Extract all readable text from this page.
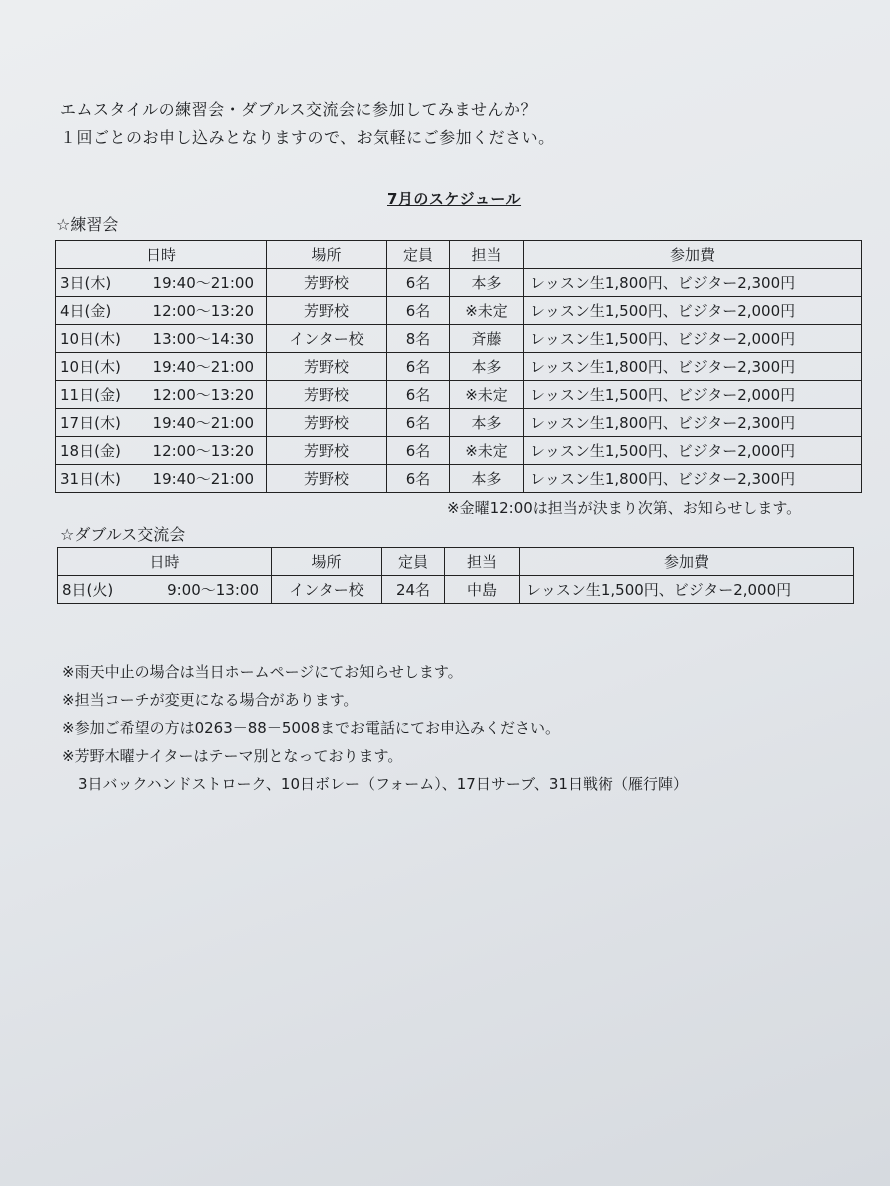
エムスタイルの練習会・ダブルス交流会に参加してみませんか？
１回ごとのお申し込みとなりますので、お気軽にご参加ください。
7月のスケジュール
☆練習会
日時	場所	定員	担当	参加費

3日(木) 19:40～21:00	芳野校	6名	本多	レッスン生1,800円、ビジター2,300円

4日(金) 12:00～13:20	芳野校	6名	※未定	レッスン生1,500円、ビジター2,000円

10日(木) 13:00～14:30	インター校	8名	斉藤	レッスン生1,500円、ビジター2,000円

10日(木) 19:40～21:00	芳野校	6名	本多	レッスン生1,800円、ビジター2,300円

11日(金) 12:00～13:20	芳野校	6名	※未定	レッスン生1,500円、ビジター2,000円

17日(木) 19:40～21:00	芳野校	6名	本多	レッスン生1,800円、ビジター2,300円

18日(金) 12:00～13:20	芳野校	6名	※未定	レッスン生1,500円、ビジター2,000円

31日(木) 19:40～21:00	芳野校	6名	本多	レッスン生1,800円、ビジター2,300円
※金曜12:00は担当が決まり次第、お知らせします。
☆ダブルス交流会
日時	場所	定員	担当	参加費

8日(火) 9:00～13:00	インター校	24名	中島	レッスン生1,500円、ビジター2,000円
※雨天中止の場合は当日ホームページにてお知らせします。
※担当コーチが変更になる場合があります。
※参加ご希望の方は0263－88－5008までお電話にてお申込みください。
※芳野木曜ナイターはテーマ別となっております。
3日バックハンドストローク、10日ボレー（フォーム）、17日サーブ、31日戦術（雁行陣）
